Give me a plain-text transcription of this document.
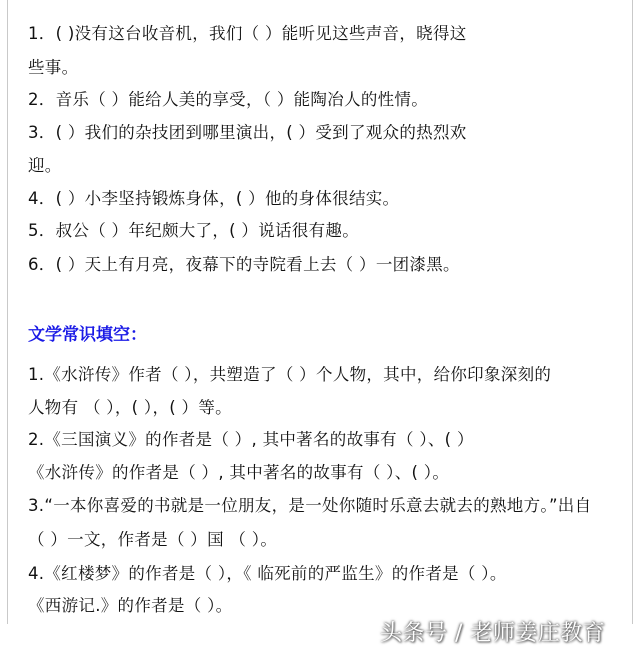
1．( )没有这台收音机，我们（ ）能听见这些声音，晓得这
些事。
2．音乐（ ）能给人美的享受，（ ）能陶冶人的性情。
3．( ）我们的杂技团到哪里演出，( ）受到了观众的热烈欢
迎。
4．( ）小李坚持锻炼身体，( ）他的身体很结实。
5．叔公（ ）年纪颇大了，( ）说话很有趣。
6．( ）天上有月亮，夜幕下的寺院看上去（ ）一团漆黑。
1.《水浒传》作者（ ），共塑造了（ ）个人物，其中，给你印象深刻的
人物有 （ ），( ），( ）等。
2.《三国演义》的作者是（ ）, 其中著名的故事有（ ）、( ）
《水浒传》的作者是（ ）, 其中著名的故事有（ ）、( ）。
3.“一本你喜爱的书就是一位朋友，是一处你随时乐意去就去的熟地方。”出自
（ ）一文，作者是（ ）国 （ ）。
4.《红楼梦》的作者是（ ），《 临死前的严监生》的作者是（ ）。
《西游记.》的作者是（ ）。
文学常识填空：
头条号 / 老师姜庄教育
